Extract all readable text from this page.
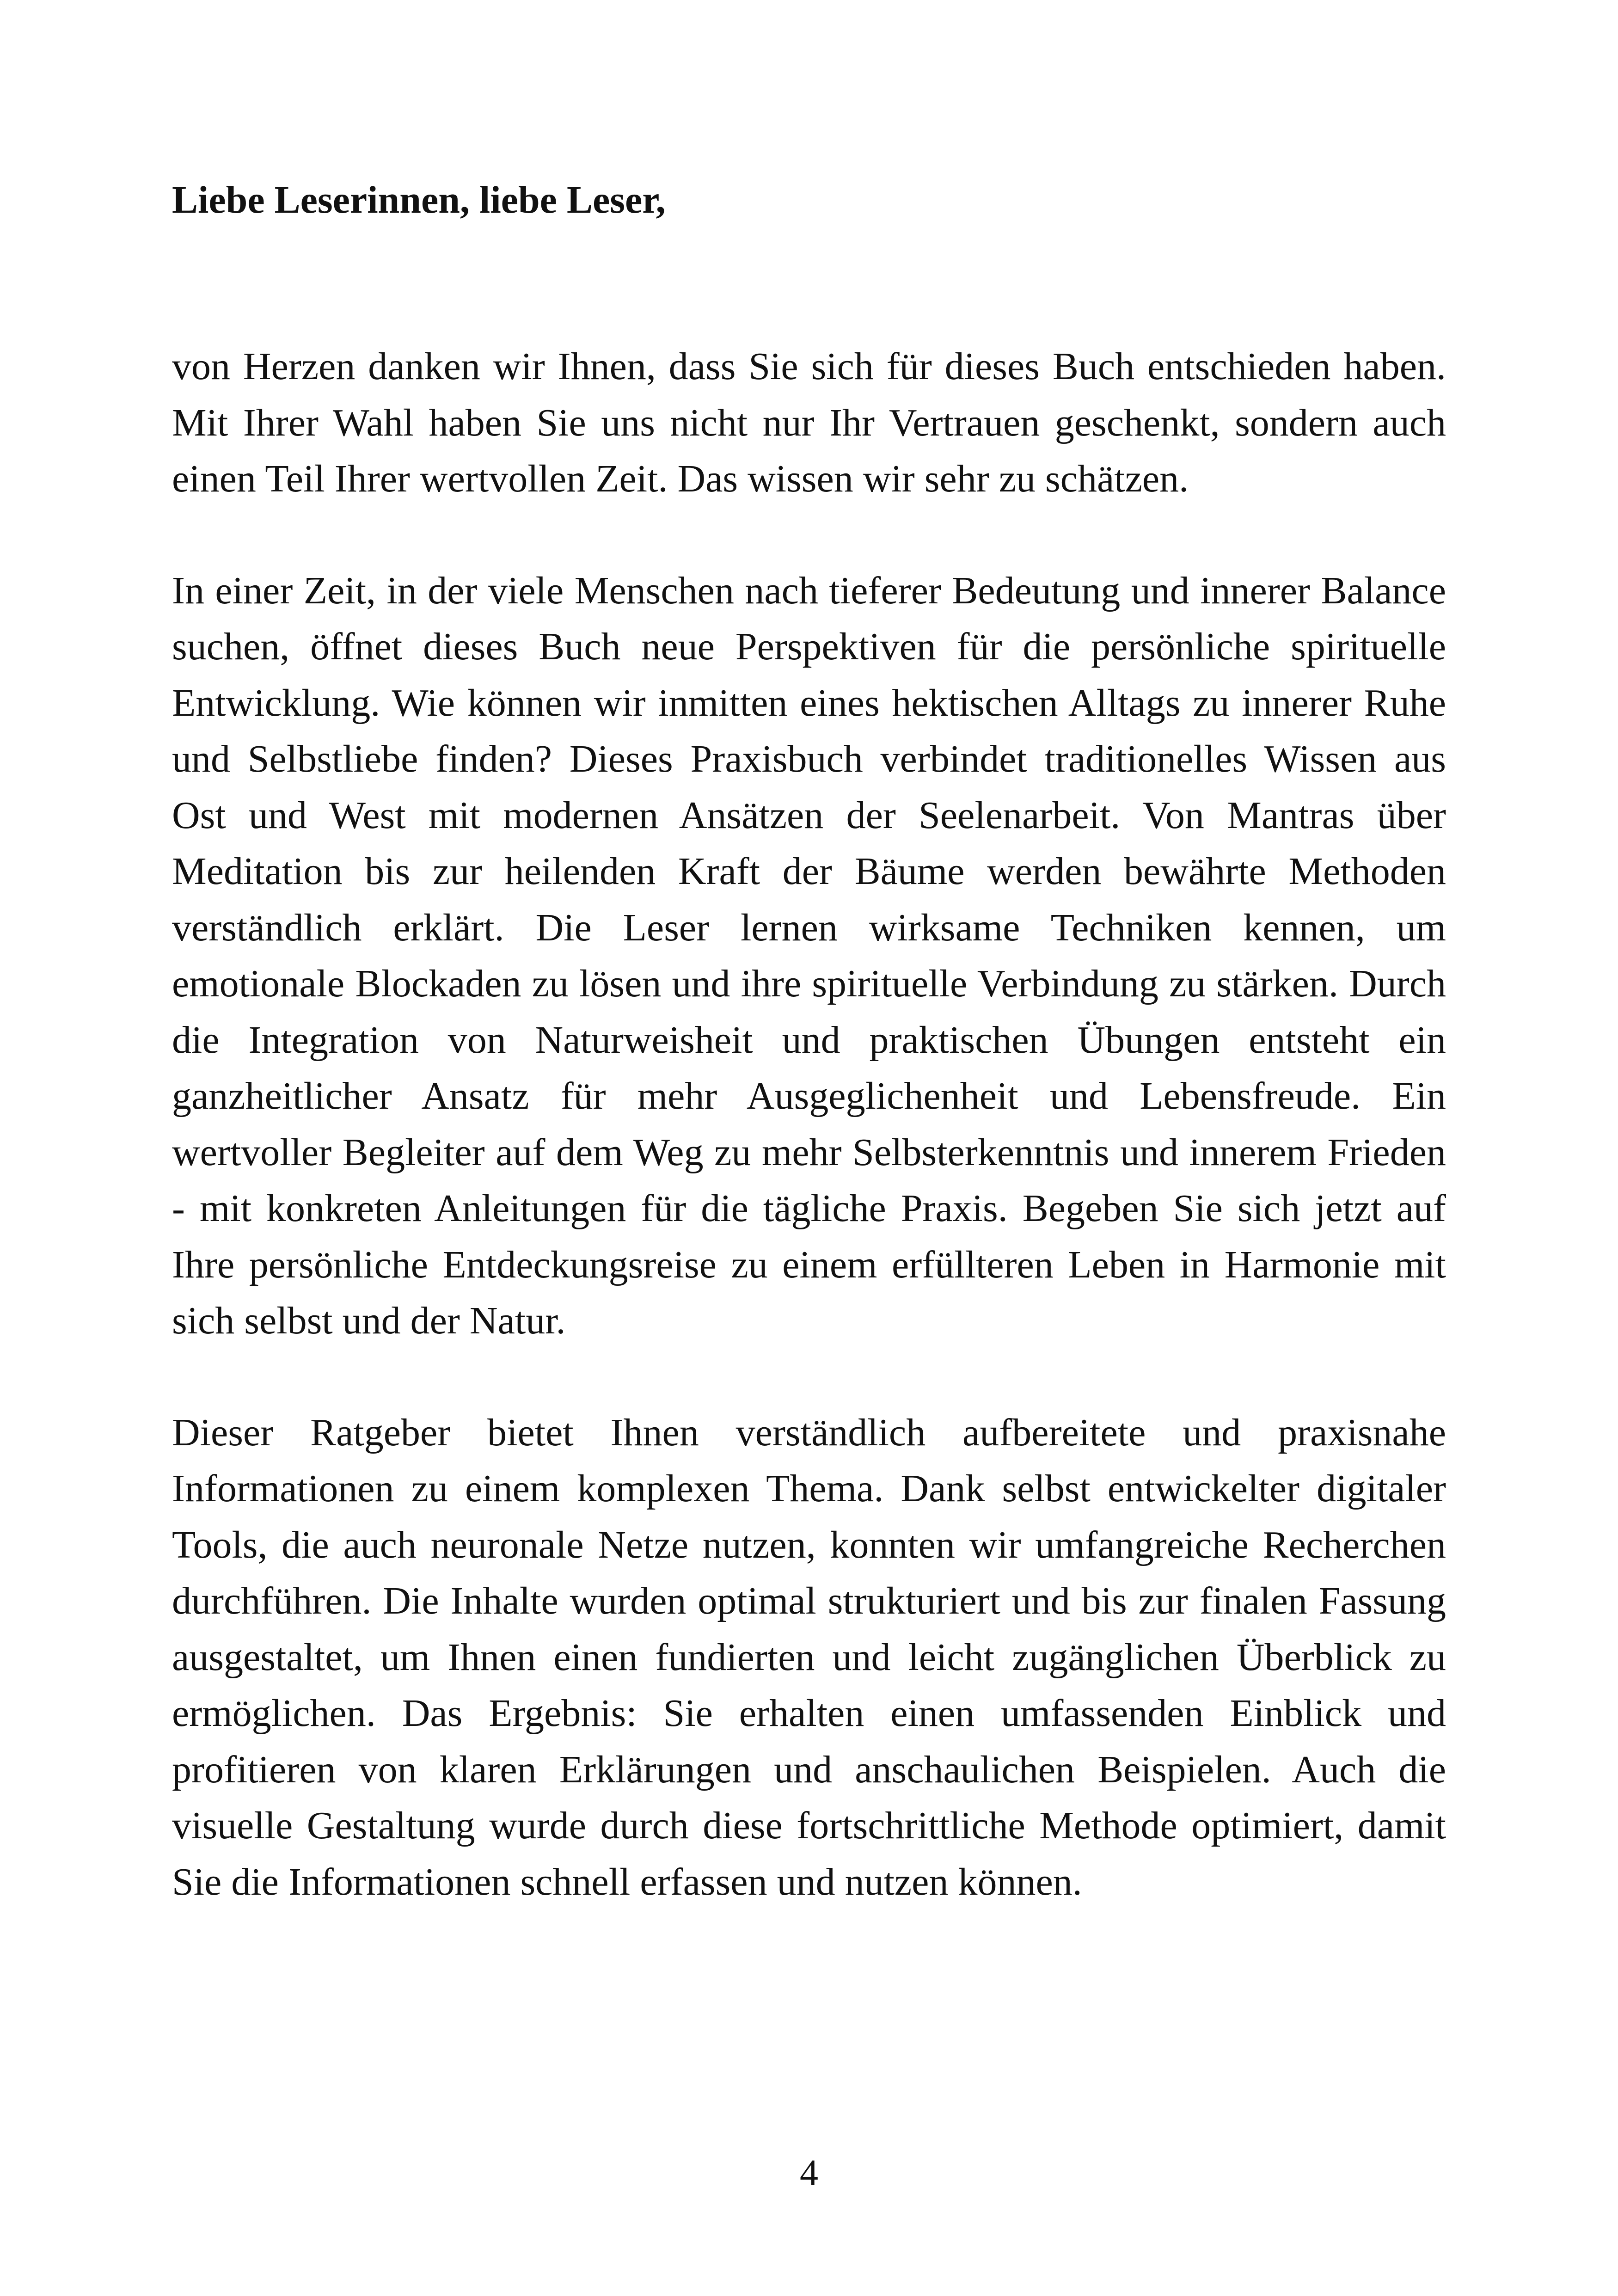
Liebe Leserinnen, liebe Leser,

von Herzen danken wir Ihnen, dass Sie sich für dieses Buch entschieden haben. Mit Ihrer Wahl haben Sie uns nicht nur Ihr Vertrauen geschenkt, sondern auch einen Teil Ihrer wertvollen Zeit. Das wissen wir sehr zu schätzen.

In einer Zeit, in der viele Menschen nach tieferer Bedeutung und innerer Balance suchen, öffnet dieses Buch neue Perspektiven für die persönliche spirituelle Entwicklung. Wie können wir inmitten eines hektischen Alltags zu innerer Ruhe und Selbstliebe finden? Dieses Praxisbuch verbindet traditionelles Wissen aus Ost und West mit modernen Ansätzen der Seelenarbeit. Von Mantras über Meditation bis zur heilenden Kraft der Bäume werden bewährte Methoden verständlich erklärt. Die Leser lernen wirksame Techniken kennen, um emotionale Blockaden zu lösen und ihre spirituelle Verbindung zu stärken. Durch die Integration von Naturweisheit und praktischen Übungen entsteht ein ganzheitlicher Ansatz für mehr Ausgeglichenheit und Lebensfreude. Ein wertvoller Begleiter auf dem Weg zu mehr Selbsterkenntnis und innerem Frieden - mit konkreten Anleitungen für die tägliche Praxis. Begeben Sie sich jetzt auf Ihre persönliche Entdeckungsreise zu einem erfüllteren Leben in Harmonie mit sich selbst und der Natur.

Dieser Ratgeber bietet Ihnen verständlich aufbereitete und praxisnahe Informationen zu einem komplexen Thema. Dank selbst entwickelter digitaler Tools, die auch neuronale Netze nutzen, konnten wir umfangreiche Recherchen durchführen. Die Inhalte wurden optimal strukturiert und bis zur finalen Fassung ausgestaltet, um Ihnen einen fundierten und leicht zugänglichen Überblick zu ermöglichen. Das Ergebnis: Sie erhalten einen umfassenden Einblick und profitieren von klaren Erklärungen und anschaulichen Beispielen. Auch die visuelle Gestaltung wurde durch diese fortschrittliche Methode optimiert, damit Sie die Informationen schnell erfassen und nutzen können.

4
